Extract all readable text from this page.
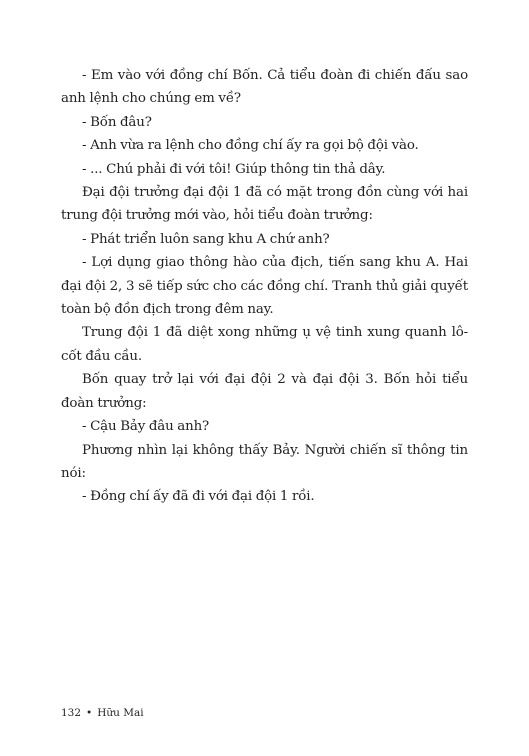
- Em vào với đồng chí Bốn. Cả tiểu đoàn đi chiến đấu sao anh lệnh cho chúng em về?

- Bốn đâu?

- Anh vừa ra lệnh cho đồng chí ấy ra gọi bộ đội vào.

- ... Chú phải đi với tôi! Giúp thông tin thả dây.

Đại đội trưởng đại đội 1 đã có mặt trong đồn cùng với hai trung đội trưởng mới vào, hỏi tiểu đoàn trưởng:

- Phát triển luôn sang khu A chứ anh?

- Lợi dụng giao thông hào của địch, tiến sang khu A. Hai đại đội 2, 3 sẽ tiếp sức cho các đồng chí. Tranh thủ giải quyết toàn bộ đồn địch trong đêm nay.

Trung đội 1 đã diệt xong những ụ vệ tinh xung quanh lô-cốt đầu cầu.

Bốn quay trở lại với đại đội 2 và đại đội 3. Bốn hỏi tiểu đoàn trưởng:

- Cậu Bảy đâu anh?

Phương nhìn lại không thấy Bảy. Người chiến sĩ thông tin nói:

- Đồng chí ấy đã đi với đại đội 1 rồi.

132 • Hữu Mai
